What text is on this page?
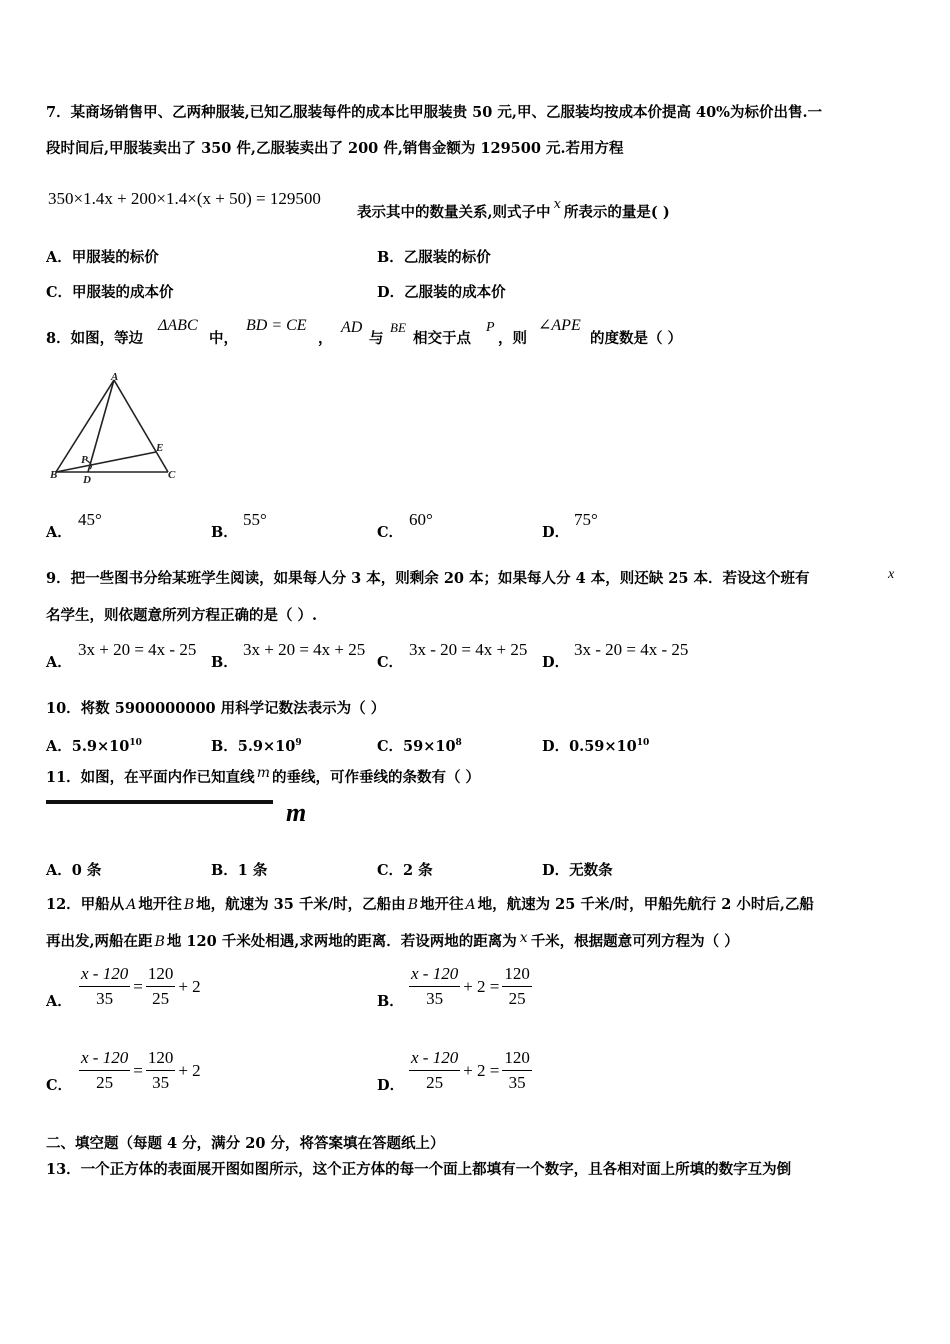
7．某商场销售甲、乙两种服装,已知乙服装每件的成本比甲服装贵 50 元,甲、乙服装均按成本价提高 40%为标价出售.一
段时间后,甲服装卖出了 350 件,乙服装卖出了 200 件,销售金额为 129500 元.若用方程
350×1.4x + 200×1.4×(x + 50) = 129500
表示其中的数量关系,则式子中 x 所表示的量是( )
A．甲服装的标价	B．乙服装的标价
C．甲服装的成本价	D．乙服装的成本价
8．如图，等边
ΔABC
中，
BD = CE
，
AD
与
BE
相交于点
P
，则
∠APE
的度数是（ ）
A
B	C
D
E
P
A．
45°
B．
55°
C．
60°
D．
75°
9．把一些图书分给某班学生阅读，如果每人分 3 本，则剩余 20 本；如果每人分 4 本，则还缺 25 本．若设这个班有	x
名学生，则依题意所列方程正确的是（ ）.
A．
3x + 20 = 4x - 25
B．
3x + 20 = 4x + 25
C．
3x - 20 = 4x + 25
D．
3x - 20 = 4x - 25
10．将数 5900000000 用科学记数法表示为（ ）
A．$5.9\times 10^{10}$	B．$5.9\times 10^9$	C．$59\times 10^8$	D．$0.59\times 10^{10}$
11．如图，在平面内作已知直线 m 的垂线，可作垂线的条数有（ ）
m
A．0 条	B．1 条	C．2 条	D．无数条
12．甲船从 A 地开往 B 地，航速为 35 千米/时，乙船由 B 地开往 A 地，航速为 25 千米/时，甲船先航行 2 小时后,乙船
再出发,两船在距 B 地 120 千米处相遇,求两地的距离．若设两地的距离为 x 千米，根据题意可列方程为（ ）
A． $\frac{x - 120}{35} = \frac{120}{25} + 2$
B．
x - 120
35
+ $2 = \frac{120}{25}$
C． $\frac{x - 120}{25} = \frac{120}{35} + 2$
D．
x - 120
25
+ $2 = \frac{120}{35}$
二、填空题（每题 4 分，满分 20 分，将答案填在答题纸上）
13．一个正方体的表面展开图如图所示，这个正方体的每一个面上都填有一个数字，且各相对面上所填的数字互为倒
